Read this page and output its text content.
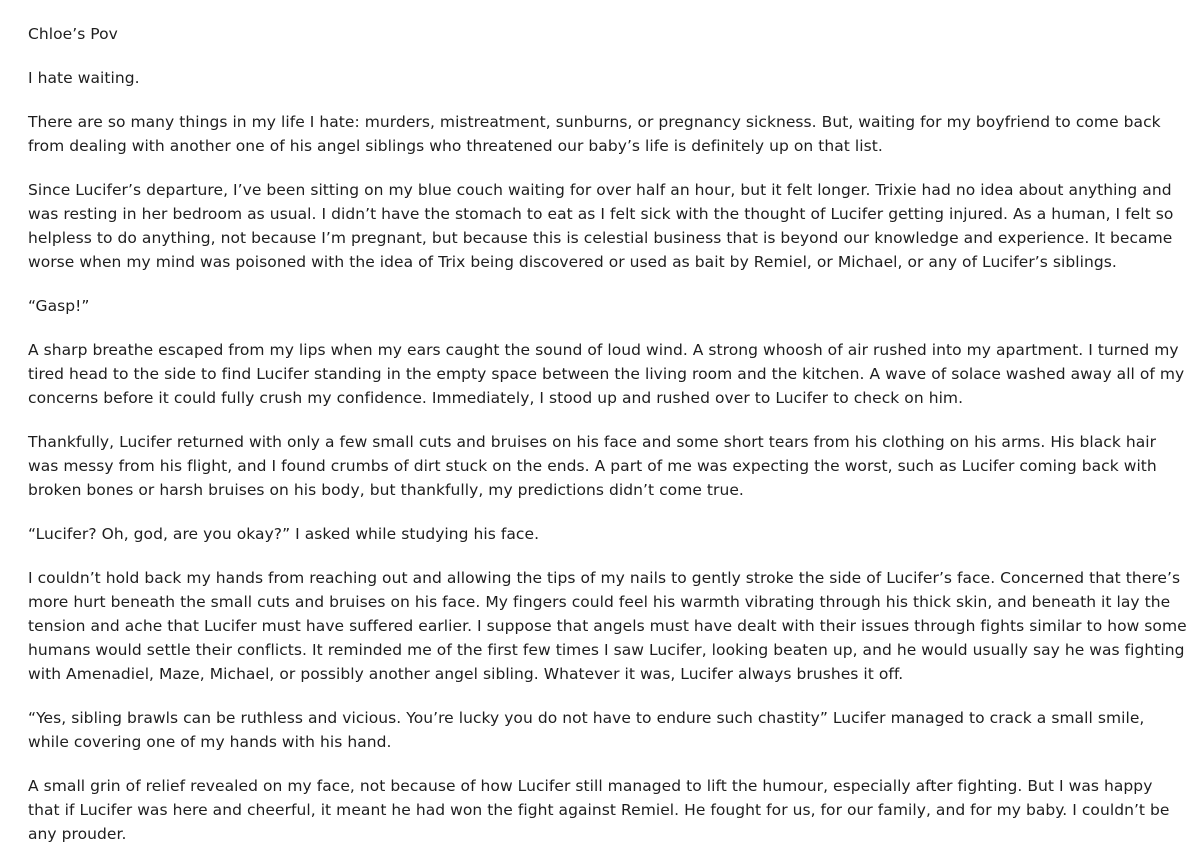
Chloe’s Pov

I hate waiting.

There are so many things in my life I hate: murders, mistreatment, sunburns, or pregnancy sickness. But, waiting for my boyfriend to come back from dealing with another one of his angel siblings who threatened our baby’s life is definitely up on that list.

Since Lucifer’s departure, I’ve been sitting on my blue couch waiting for over half an hour, but it felt longer. Trixie had no idea about anything and was resting in her bedroom as usual. I didn’t have the stomach to eat as I felt sick with the thought of Lucifer getting injured. As a human, I felt so helpless to do anything, not because I’m pregnant, but because this is celestial business that is beyond our knowledge and experience. It became worse when my mind was poisoned with the idea of Trix being discovered or used as bait by Remiel, or Michael, or any of Lucifer’s siblings.

“Gasp!”

A sharp breathe escaped from my lips when my ears caught the sound of loud wind. A strong whoosh of air rushed into my apartment. I turned my tired head to the side to find Lucifer standing in the empty space between the living room and the kitchen. A wave of solace washed away all of my concerns before it could fully crush my confidence. Immediately, I stood up and rushed over to Lucifer to check on him.

Thankfully, Lucifer returned with only a few small cuts and bruises on his face and some short tears from his clothing on his arms. His black hair was messy from his flight, and I found crumbs of dirt stuck on the ends. A part of me was expecting the worst, such as Lucifer coming back with broken bones or harsh bruises on his body, but thankfully, my predictions didn’t come true.

“Lucifer? Oh, god, are you okay?” I asked while studying his face.

I couldn’t hold back my hands from reaching out and allowing the tips of my nails to gently stroke the side of Lucifer’s face. Concerned that there’s more hurt beneath the small cuts and bruises on his face. My fingers could feel his warmth vibrating through his thick skin, and beneath it lay the tension and ache that Lucifer must have suffered earlier. I suppose that angels must have dealt with their issues through fights similar to how some humans would settle their conflicts. It reminded me of the first few times I saw Lucifer, looking beaten up, and he would usually say he was fighting with Amenadiel, Maze, Michael, or possibly another angel sibling. Whatever it was, Lucifer always brushes it off.

“Yes, sibling brawls can be ruthless and vicious. You’re lucky you do not have to endure such chastity” Lucifer managed to crack a small smile, while covering one of my hands with his hand.

A small grin of relief revealed on my face, not because of how Lucifer still managed to lift the humour, especially after fighting. But I was happy that if Lucifer was here and cheerful, it meant he had won the fight against Remiel. He fought for us, for our family, and for my baby. I couldn’t be any prouder.
